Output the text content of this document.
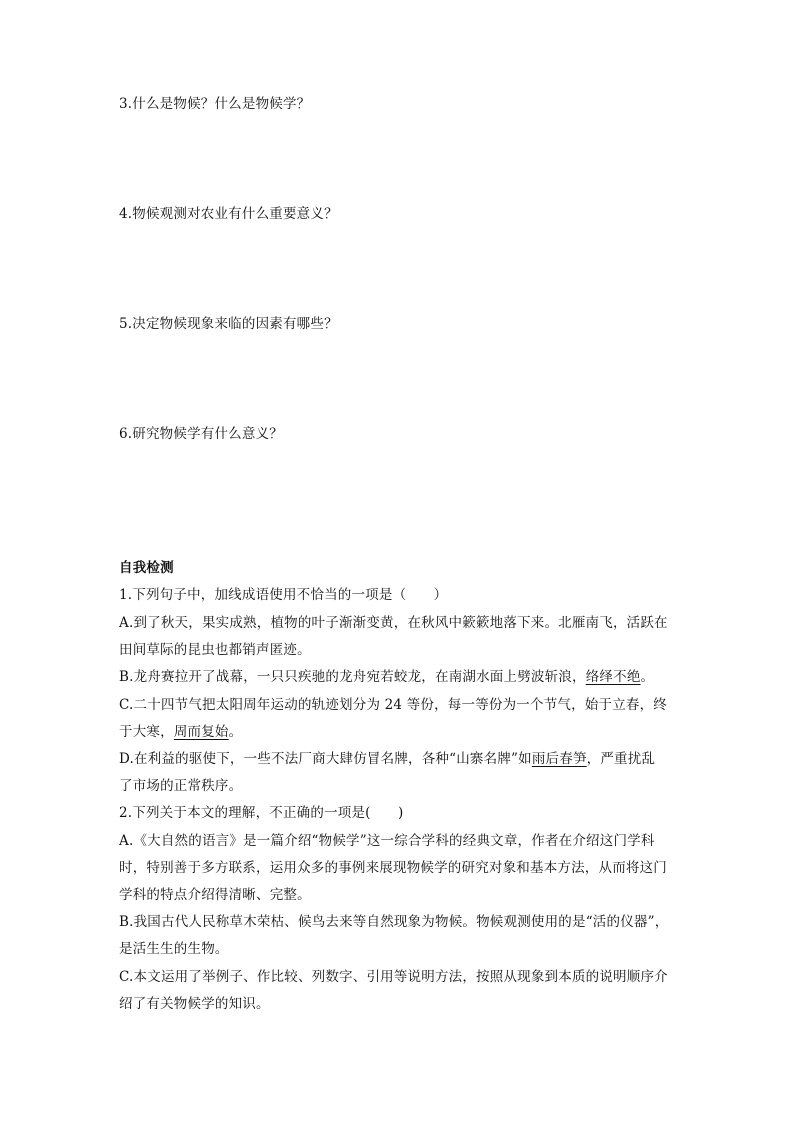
3.什么是物候？什么是物候学？
4.物候观测对农业有什么重要意义？
5.决定物候现象来临的因素有哪些？
6.研究物候学有什么意义？
自我检测
1.下列句子中，加线成语使用不恰当的一项是（　　）
A.到了秋天，果实成熟，植物的叶子渐渐变黄，在秋风中簌簌地落下来。北雁南飞，活跃在
田间草际的昆虫也都销声匿迹。
B.龙舟赛拉开了战幕，一只只疾驰的龙舟宛若蛟龙，在南湖水面上劈波斩浪，络绎不绝。
C.二十四节气把太阳周年运动的轨迹划分为 24 等份，每一等份为一个节气，始于立春，终
于大寒，周而复始。
D.在利益的驱使下，一些不法厂商大肆仿冒名牌，各种“山寨名牌”如雨后春笋，严重扰乱
了市场的正常秩序。
2.下列关于本文的理解，不正确的一项是(　　)
A.《大自然的语言》是一篇介绍“物候学”这一综合学科的经典文章，作者在介绍这门学科
时，特别善于多方联系，运用众多的事例来展现物候学的研究对象和基本方法，从而将这门
学科的特点介绍得清晰、完整。
B.我国古代人民称草木荣枯、候鸟去来等自然现象为物候。物候观测使用的是“活的仪器”，
是活生生的生物。
C.本文运用了举例子、作比较、列数字、引用等说明方法，按照从现象到本质的说明顺序介
绍了有关物候学的知识。
